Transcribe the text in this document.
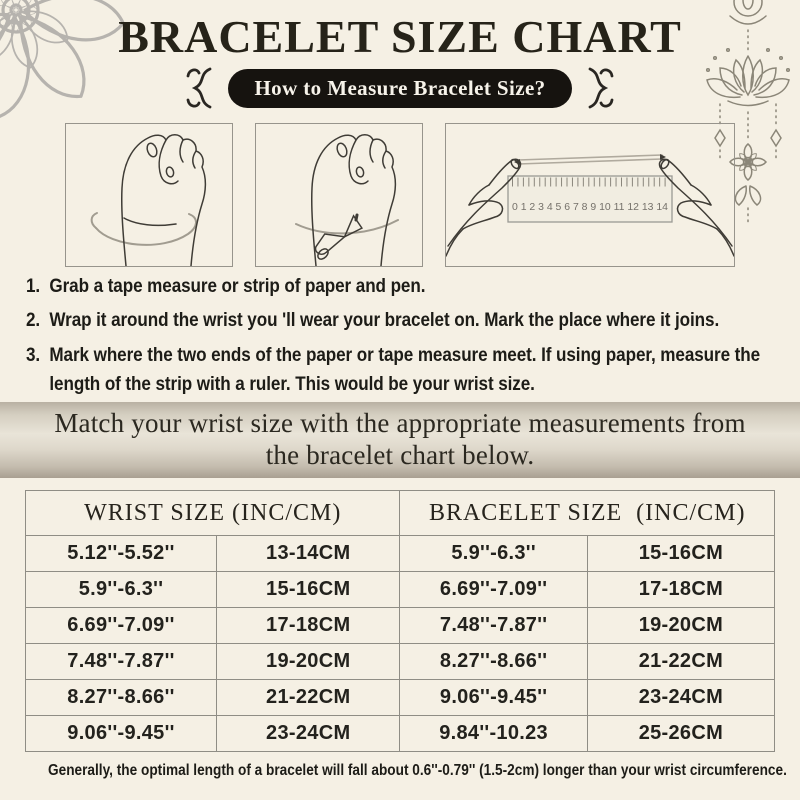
BRACELET SIZE CHART
How to Measure Bracelet Size?
0 1 2 3 4 5 6 7 8 9 10 11 12 13 14
1. Grab a tape measure or strip of paper and pen.
2. Wrap it around the wrist you 'll wear your bracelet on. Mark the place where it joins.
3. Mark where the two ends of the paper or tape measure meet. If using paper, measure the length of the strip with a ruler. This would be your wrist size.
Match your wrist size with the appropriate measurements from the bracelet chart below.
WRIST SIZE (INC/CM)		BRACELET SIZE  (INC/CM)	
5.12''-5.52''	13-14CM	5.9''-6.3''	15-16CM
5.9''-6.3''	15-16CM	6.69''-7.09''	17-18CM
6.69''-7.09''	17-18CM	7.48''-7.87''	19-20CM
7.48''-7.87''	19-20CM	8.27''-8.66''	21-22CM
8.27''-8.66''	21-22CM	9.06''-9.45''	23-24CM
9.06''-9.45''	23-24CM	9.84''-10.23	25-26CM
Generally, the optimal length of a bracelet will fall about 0.6''-0.79'' (1.5-2cm) longer than your wrist circumference.
